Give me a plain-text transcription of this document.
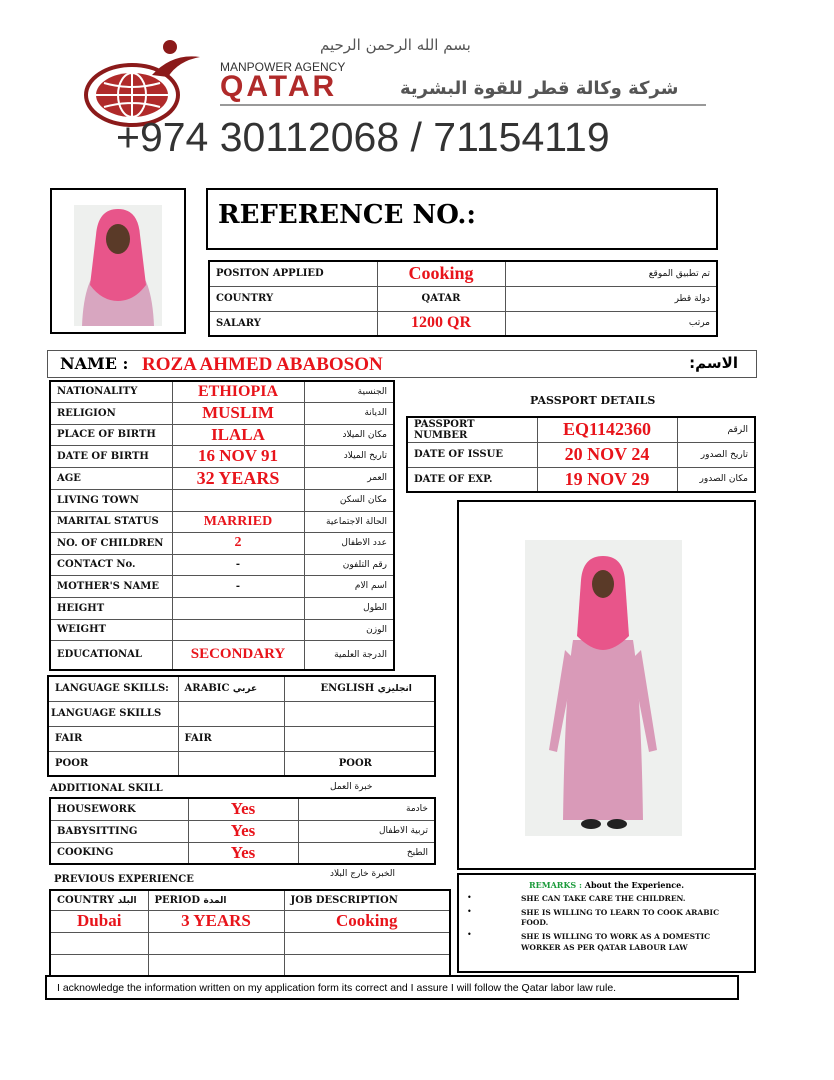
بسم الله الرحمن الرحيم
MANPOWER AGENCY
QATAR	شركة وكالة قطر للقوة البشرية
+974 30112068 / 71154119
REFERENCE NO.:
POSITON APPLIED	Cooking	تم تطبيق الموقع
COUNTRY	QATAR	دولة قطر
SALARY	1200 QR	مرتب
NAME : ROZA AHMED ABABOSON	الاسم:
NATIONALITY	ETHIOPIA	الجنسية
RELIGION	MUSLIM	الديانة
PLACE OF BIRTH	ILALA	مكان الميلاد
DATE OF BIRTH	16 NOV 91	تاريخ الميلاد
AGE	32 YEARS	العمر
LIVING TOWN		مكان السكن
MARITAL STATUS	MARRIED	الحالة الاجتماعية
NO. OF CHILDREN	2	عدد الاطفال
CONTACT No.	-	رقم التلفون
MOTHER'S NAME	-	اسم الام
HEIGHT		الطول
WEIGHT		الوزن
EDUCATIONAL	SECONDARY	الدرجة العلمية
PASSPORT DETAILS
PASSPORT NUMBER	EQ1142360	الرقم
DATE OF ISSUE	20 NOV 24	تاريخ الصدور
DATE OF EXP.	19 NOV 29	مكان الصدور
LANGUAGE SKILLS:	ARABIC عربي	ENGLISH انجليزي
LANGUAGE SKILLS		
FAIR	FAIR	
POOR		POOR
ADDITIONAL SKILL	خبرة العمل
HOUSEWORK	Yes	خادمة
BABYSITTING	Yes	تربية الاطفال
COOKING	Yes	الطبخ
PREVIOUS EXPERIENCE	الخبرة خارج البلاد
COUNTRY البلد	PERIOD المدة	JOB DESCRIPTION
Dubai	3 YEARS	Cooking

REMARKS : About the Experience.
•	SHE CAN TAKE CARE THE CHILDREN.
•	SHE IS WILLING TO LEARN TO COOK ARABIC FOOD.
•	SHE IS WILLING TO WORK AS A DOMESTIC WORKER AS PER QATAR LABOUR LAW
I acknowledge the information written on my application form its correct and I assure I will follow the Qatar labor law rule.
